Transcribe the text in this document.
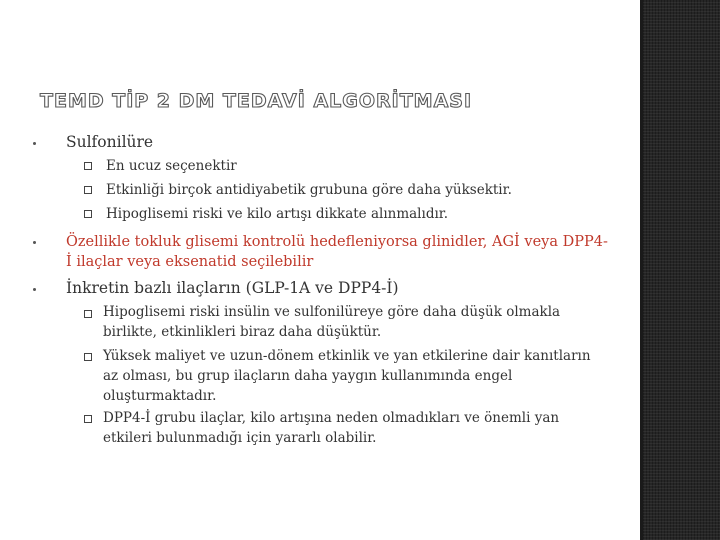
TEMD TİP 2 DM TEDAVİ ALGORİTMASI
Sulfonilüre
En ucuz seçenektir
Etkinliği birçok antidiyabetik grubuna göre daha yüksektir.
Hipoglisemi riski ve kilo artışı dikkate alınmalıdır.
Özellikle tokluk glisemi kontrolü hedefleniyorsa glinidler, AGİ veya DPP4-
İ ilaçlar veya eksenatid seçilebilir
İnkretin bazlı ilaçların (GLP-1A ve DPP4-İ)
Hipoglisemi riski insülin ve sulfonilüreye göre daha düşük olmakla
birlikte, etkinlikleri biraz daha düşüktür.
Yüksek maliyet ve uzun-dönem etkinlik ve yan etkilerine dair kanıtların
az olması, bu grup ilaçların daha yaygın kullanımında engel
oluşturmaktadır.
DPP4-İ grubu ilaçlar, kilo artışına neden olmadıkları ve önemli yan
etkileri bulunmadığı için yararlı olabilir.
